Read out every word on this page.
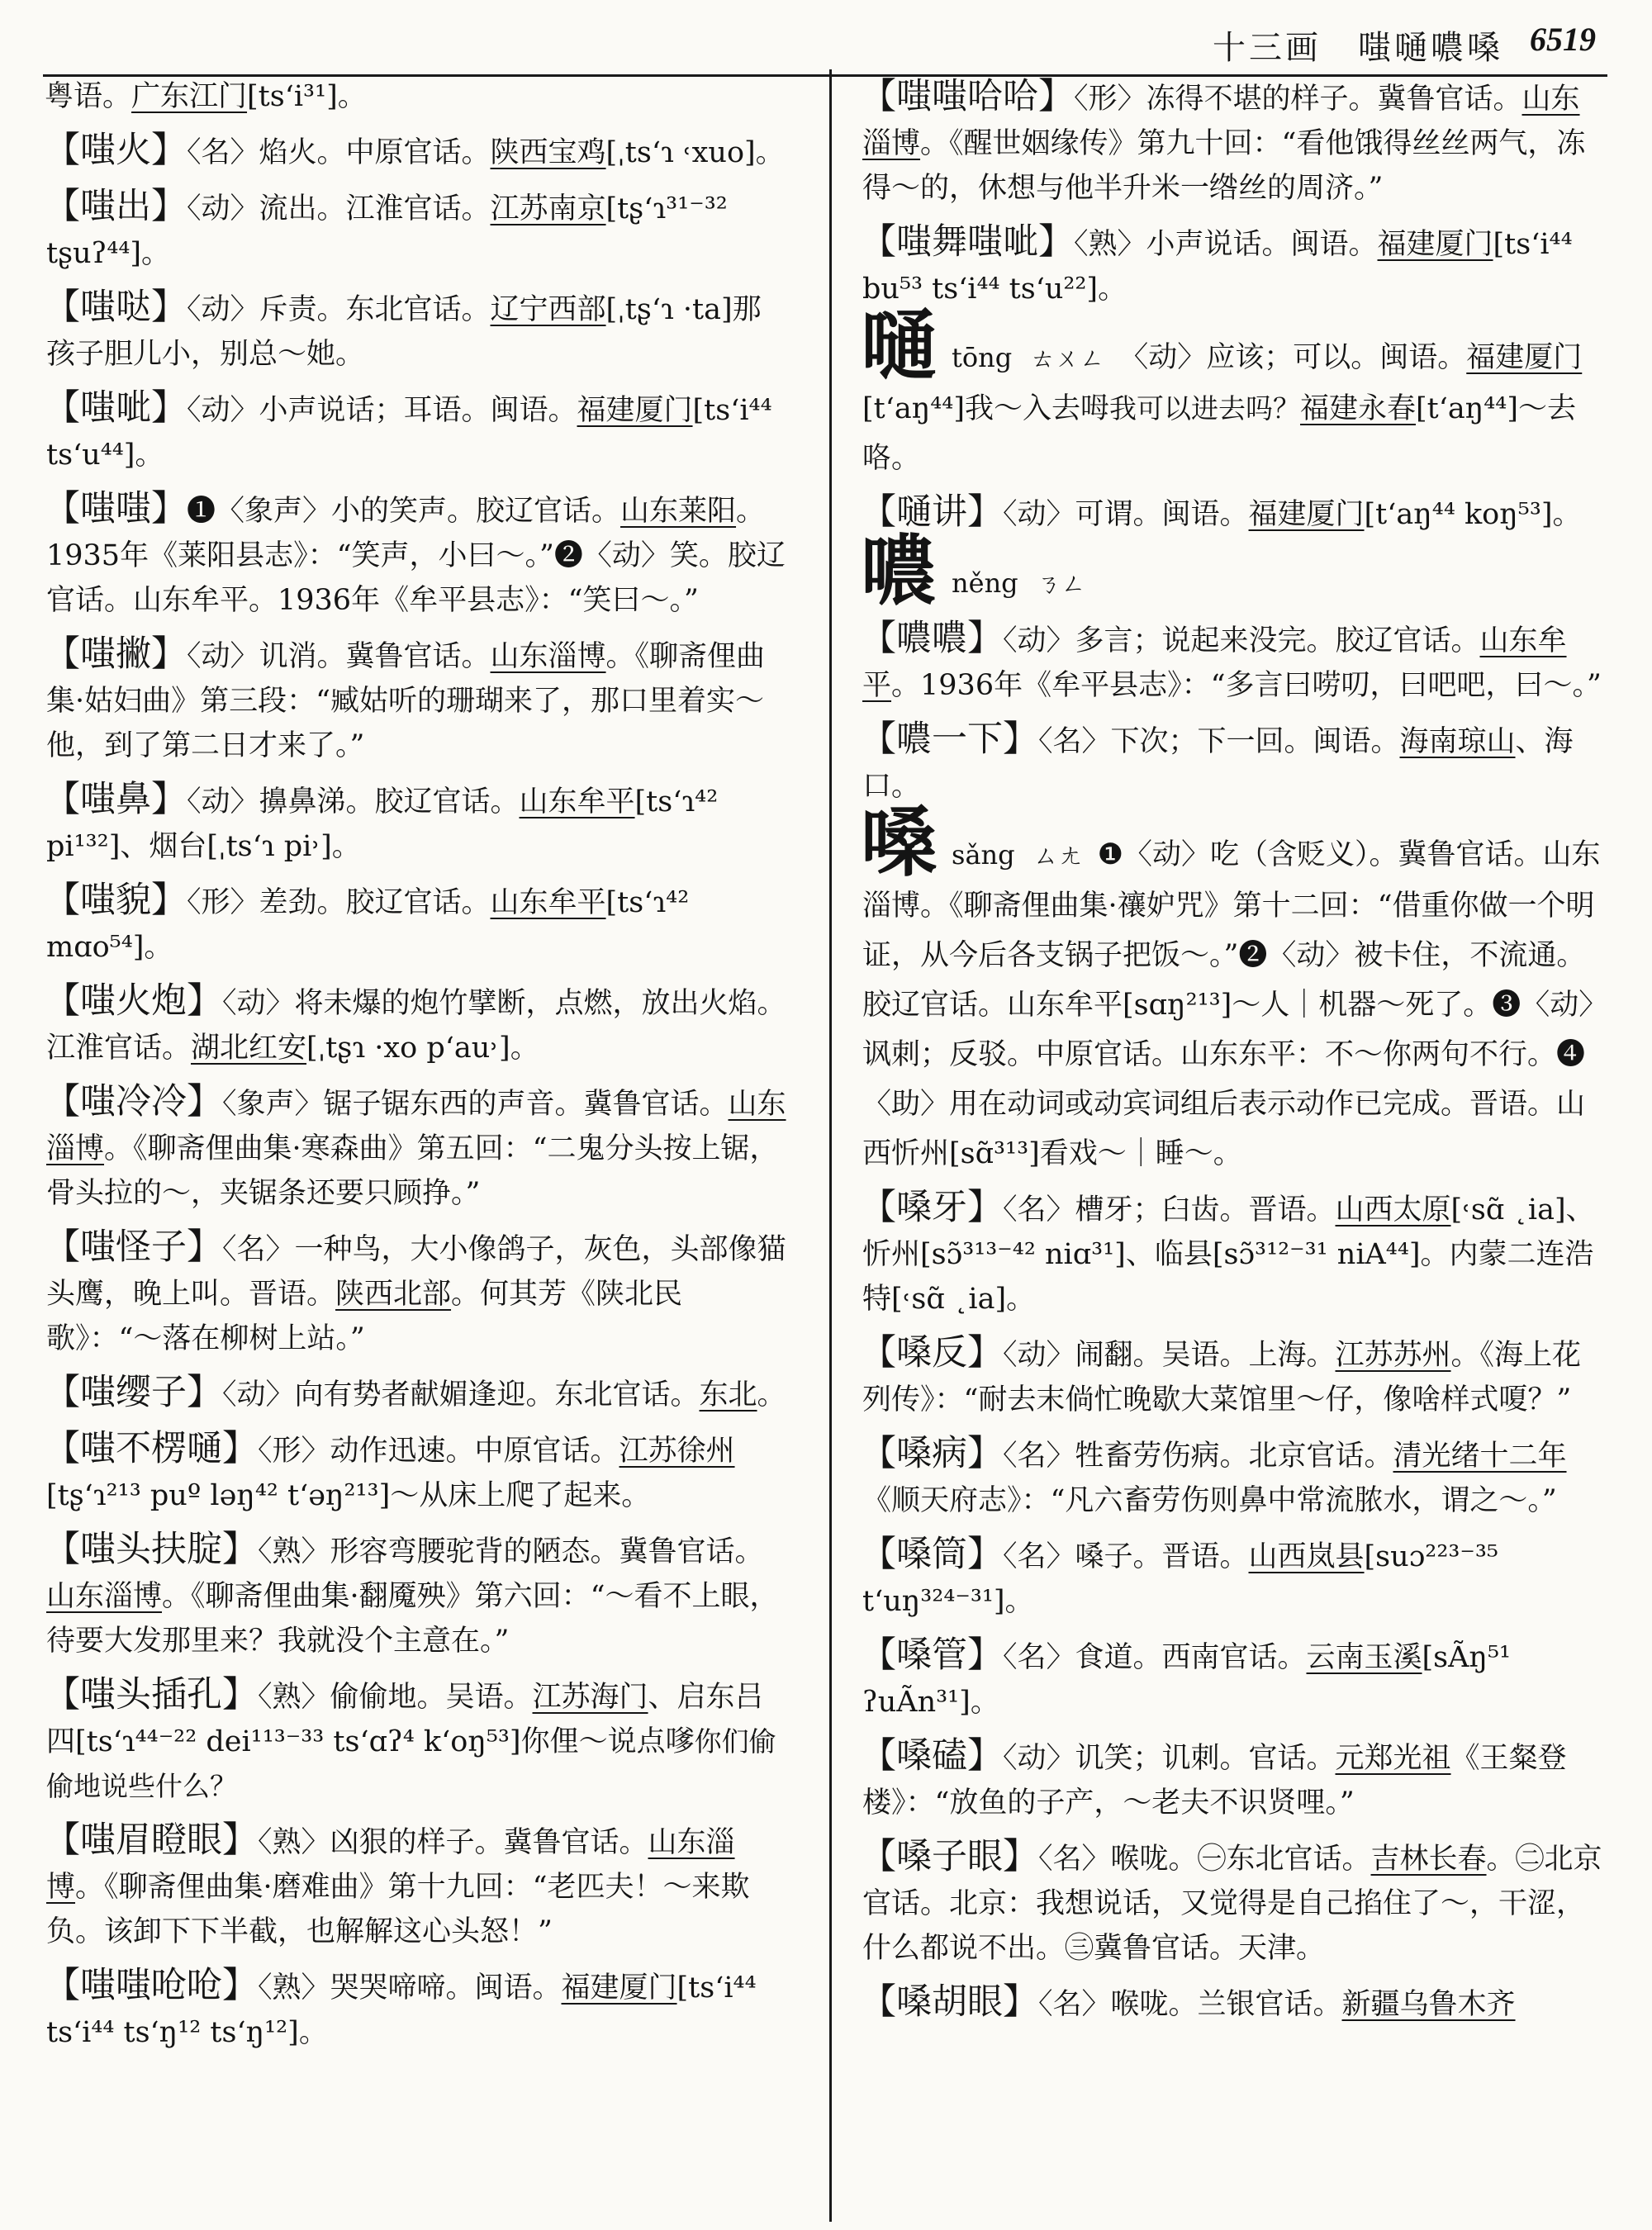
十三画　嗤嗵噥嗓 6519

粤语。广东江门[ts‘i³¹]。

【嗤火】〈名〉焰火。中原官话。陕西宝鸡[ˌts‘ɿ ˓xuo]。

【嗤出】〈动〉流出。江淮官话。江苏南京[tʂ‘ɿ³¹⁻³² tʂuʔ⁴⁴]。

【嗤哒】〈动〉斥责。东北官话。辽宁西部[ˌtʂ‘ɿ ·ta]那孩子胆儿小，别总～她。

【嗤呲】〈动〉小声说话；耳语。闽语。福建厦门[ts‘i⁴⁴ ts‘u⁴⁴]。

【嗤嗤】❶〈象声〉小的笑声。胶辽官话。山东莱阳。1935年《莱阳县志》：“笑声，小曰～。”❷〈动〉笑。胶辽官话。山东牟平。1936年《牟平县志》：“笑曰～。”

【嗤撇】〈动〉讥消。冀鲁官话。山东淄博。《聊斋俚曲集·姑妇曲》第三段：“臧姑听的珊瑚来了，那口里着实～他，到了第二日才来了。”

【嗤鼻】〈动〉擤鼻涕。胶辽官话。山东牟平[ts‘ɿ⁴² pi¹³²]、烟台[ˌts‘ɿ pi˒]。

【嗤貌】〈形〉差劲。胶辽官话。山东牟平[ts‘ɿ⁴² mɑo⁵⁴]。

【嗤火炮】〈动〉将未爆的炮竹擘断，点燃，放出火焰。江淮官话。湖北红安[ˌtʂɿ ·xo p‘au˒]。

【嗤冷冷】〈象声〉锯子锯东西的声音。冀鲁官话。山东淄博。《聊斋俚曲集·寒森曲》第五回：“二鬼分头按上锯，骨头拉的～，夹锯条还要只顾挣。”

【嗤怪子】〈名〉一种鸟，大小像鸽子，灰色，头部像猫头鹰，晚上叫。晋语。陕西北部。何其芳《陕北民歌》：“～落在柳树上站。”

【嗤缨子】〈动〉向有势者献媚逢迎。东北官话。东北。

【嗤不楞嗵】〈形〉动作迅速。中原官话。江苏徐州[tʂ‘ɿ²¹³ puº ləŋ⁴² t‘əŋ²¹³]～从床上爬了起来。

【嗤头扶腚】〈熟〉形容弯腰驼背的陋态。冀鲁官话。山东淄博。《聊斋俚曲集·翻魇殃》第六回：“～看不上眼，待要大发那里来？我就没个主意在。”

【嗤头插孔】〈熟〉偷偷地。吴语。江苏海门、启东吕四[ts‘ɿ⁴⁴⁻²² dei¹¹³⁻³³ ts‘ɑʔ⁴ k‘oŋ⁵³]你俚～说点嗲你们偷偷地说些什么？

【嗤眉瞪眼】〈熟〉凶狠的样子。冀鲁官话。山东淄博。《聊斋俚曲集·磨难曲》第十九回：“老匹夫！～来欺负。该卸下下半截，也解解这心头怒！”

【嗤嗤呛呛】〈熟〉哭哭啼啼。闽语。福建厦门[ts‘i⁴⁴ ts‘i⁴⁴ ts‘ŋ¹² ts‘ŋ¹²]。

【嗤嗤哈哈】〈形〉冻得不堪的样子。冀鲁官话。山东淄博。《醒世姻缘传》第九十回：“看他饿得丝丝两气，冻得～的，休想与他半升米一绺丝的周济。”

【嗤舞嗤呲】〈熟〉小声说话。闽语。福建厦门[ts‘i⁴⁴ bu⁵³ ts‘i⁴⁴ ts‘u²²]。

嗵tōng ㄊㄨㄥ 〈动〉应该；可以。闽语。福建厦门[t‘aŋ⁴⁴]我～入去呣我可以进去吗？福建永春[t‘aŋ⁴⁴]～去咯。

【嗵讲】〈动〉可谓。闽语。福建厦门[t‘aŋ⁴⁴ koŋ⁵³]。

噥něng ㄋㄥ

【噥噥】〈动〉多言；说起来没完。胶辽官话。山东牟平。1936年《牟平县志》：“多言曰唠叨，曰吧吧，曰～。”

【噥一下】〈名〉下次；下一回。闽语。海南琼山、海口。

嗓sǎng ㄙㄤ ❶〈动〉吃（含贬义）。冀鲁官话。山东淄博。《聊斋俚曲集·禳妒咒》第十二回：“借重你做一个明证，从今后各支锅子把饭～。”❷〈动〉被卡住，不流通。胶辽官话。山东牟平[sɑŋ²¹³]～人｜机器～死了。❸〈动〉讽刺；反驳。中原官话。山东东平：不～你两句不行。❹〈助〉用在动词或动宾词组后表示动作已完成。晋语。山西忻州[sɑ̃³¹³]看戏～｜睡～。

【嗓牙】〈名〉槽牙；臼齿。晋语。山西太原[˓sɑ̃ ˛ia]、忻州[sɔ̃³¹³⁻⁴² niɑ³¹]、临县[sɔ̃³¹²⁻³¹ niA⁴⁴]。内蒙二连浩特[˓sɑ̃ ˛ia]。

【嗓反】〈动〉闹翻。吴语。上海。江苏苏州。《海上花列传》：“耐去末倘忙晚歇大菜馆里～仔，像啥样式嗄？”

【嗓病】〈名〉牲畜劳伤病。北京官话。清光绪十二年《顺天府志》：“凡六畜劳伤则鼻中常流脓水，谓之～。”

【嗓筒】〈名〉嗓子。晋语。山西岚县[suɔ²²³⁻³⁵ t‘uŋ³²⁴⁻³¹]。

【嗓管】〈名〉食道。西南官话。云南玉溪[sÃŋ⁵¹ ʔuÃn³¹]。

【嗓磕】〈动〉讥笑；讥刺。官话。元郑光祖《王粲登楼》：“放鱼的子产，～老夫不识贤哩。”

【嗓子眼】〈名〉喉咙。㊀东北官话。吉林长春。㊁北京官话。北京：我想说话，又觉得是自己掐住了～，干涩，什么都说不出。㊂冀鲁官话。天津。

【嗓胡眼】〈名〉喉咙。兰银官话。新疆乌鲁木齐
